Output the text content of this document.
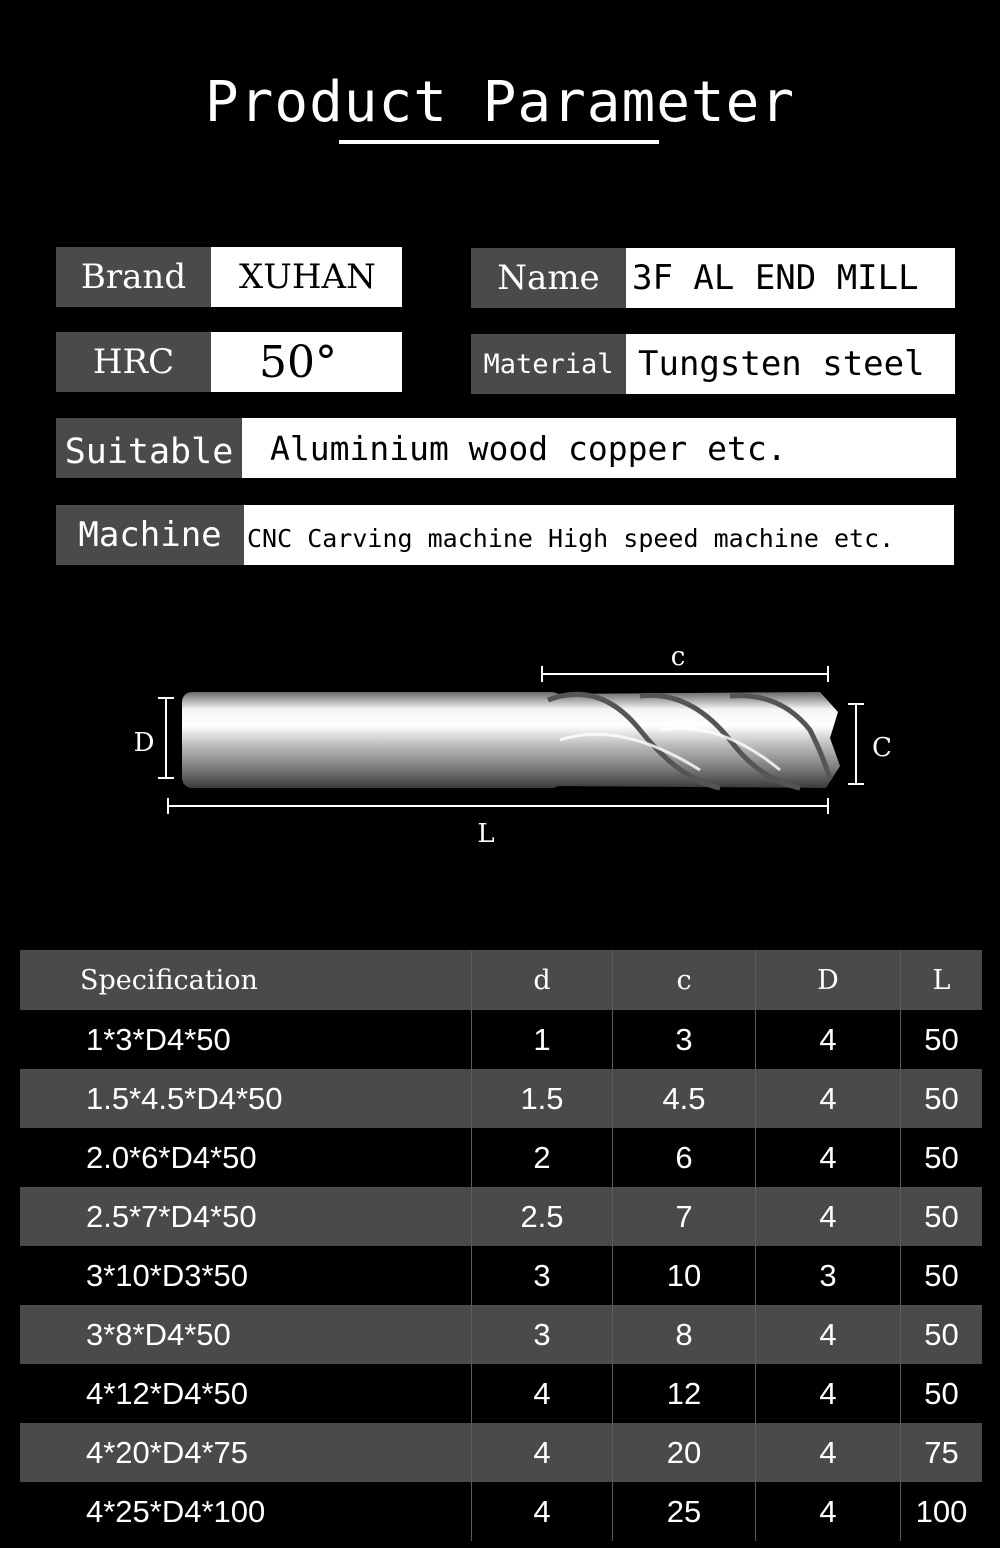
Product Parameter
Brand	XUHAN	Name 3F AL END MILL
HRC	50°	Material Tungsten steel
Suitable	Aluminium wood copper etc.
Machine	CNC Carving machine High speed machine etc.
c
D	C
L
Specification	d	c	D	L
1*3*D4*50	1	3	4	50
1.5*4.5*D4*50	1.5	4.5	4	50
2.0*6*D4*50	2	6	4	50
2.5*7*D4*50	2.5	7	4	50
3*10*D3*50	3	10	3	50
3*8*D4*50	3	8	4	50
4*12*D4*50	4	12	4	50
4*20*D4*75	4	20	4	75
4*25*D4*100	4	25	4	100
